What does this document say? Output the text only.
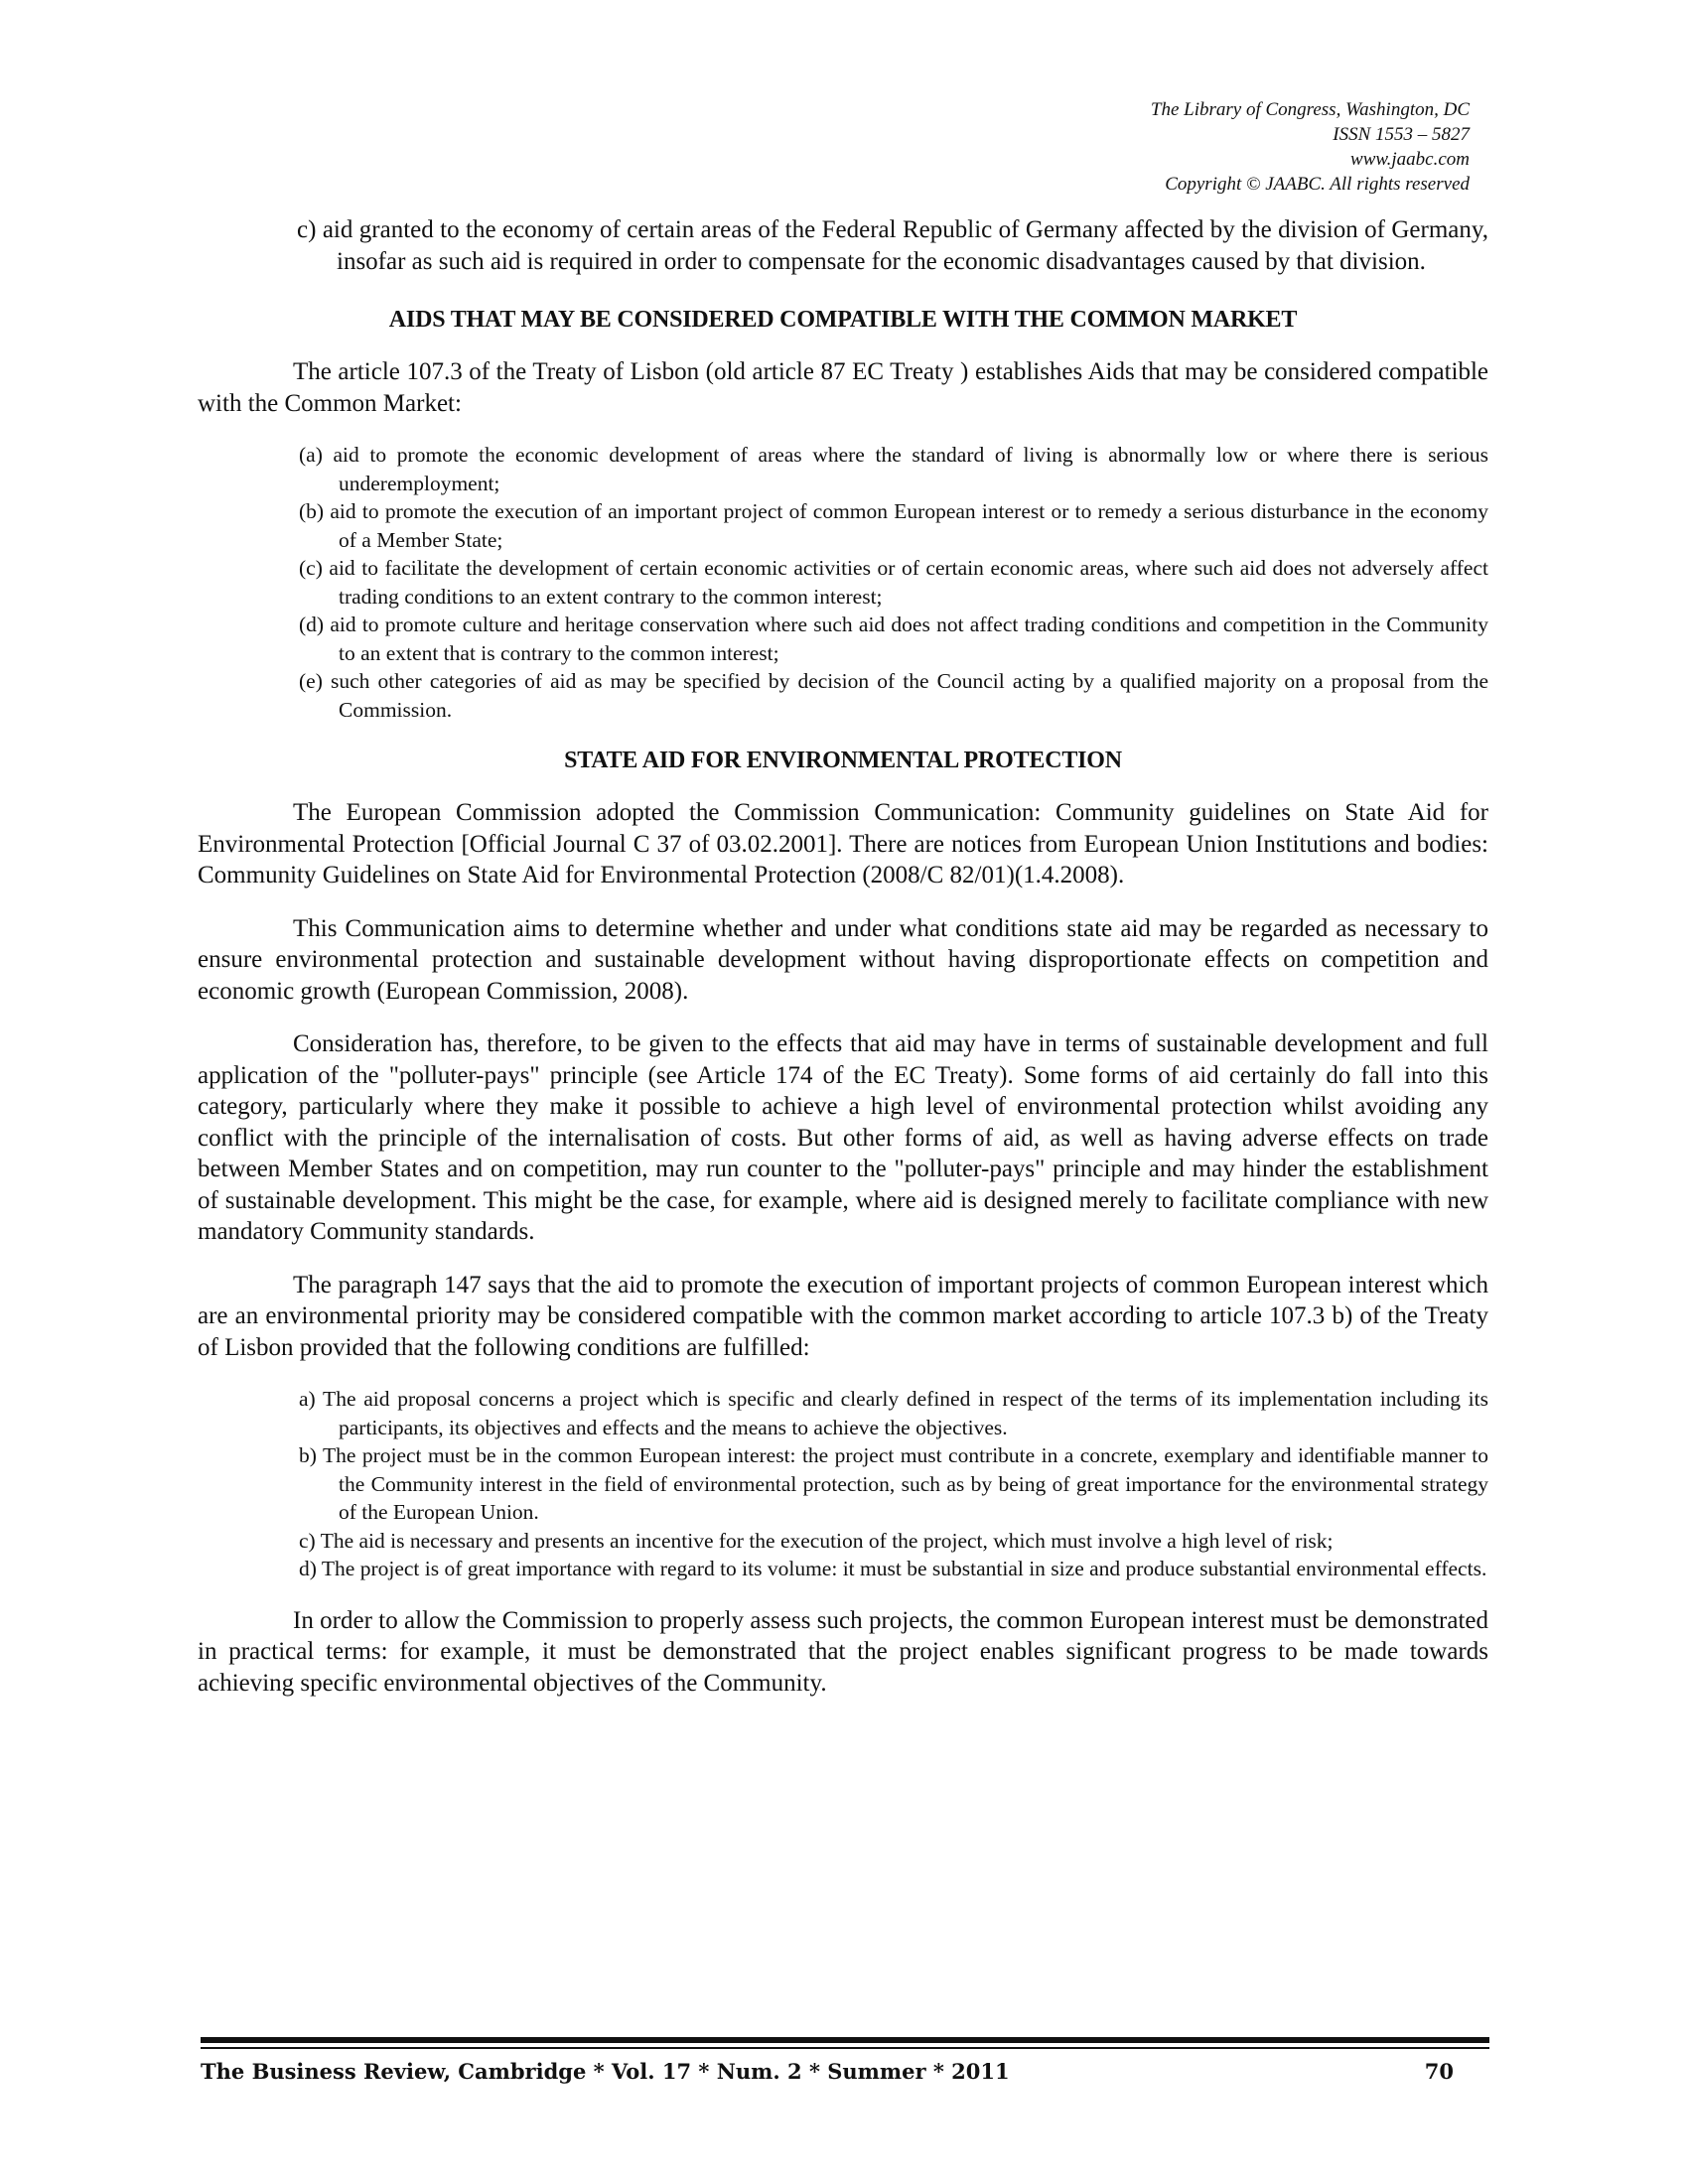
The Library of Congress, Washington, DC
ISSN 1553 – 5827
www.jaabc.com
Copyright © JAABC. All rights reserved

c) aid granted to the economy of certain areas of the Federal Republic of Germany affected by the division of Germany, insofar as such aid is required in order to compensate for the economic disadvantages caused by that division.

AIDS THAT MAY BE CONSIDERED COMPATIBLE WITH THE COMMON MARKET

The article 107.3 of the Treaty of Lisbon (old article 87 EC Treaty ) establishes Aids that may be considered compatible with the Common Market:

(a) aid to promote the economic development of areas where the standard of living is abnormally low or where there is serious underemployment;

(b) aid to promote the execution of an important project of common European interest or to remedy a serious disturbance in the economy of a Member State;

(c) aid to facilitate the development of certain economic activities or of certain economic areas, where such aid does not adversely affect trading conditions to an extent contrary to the common interest;

(d) aid to promote culture and heritage conservation where such aid does not affect trading conditions and competition in the Community to an extent that is contrary to the common interest;

(e) such other categories of aid as may be specified by decision of the Council acting by a qualified majority on a proposal from the Commission.

STATE AID FOR ENVIRONMENTAL PROTECTION

The European Commission adopted the Commission Communication: Community guidelines on State Aid for Environmental Protection [Official Journal C 37 of 03.02.2001]. There are notices from European Union Institutions and bodies: Community Guidelines on State Aid for Environmental Protection (2008/C 82/01)(1.4.2008).

This Communication aims to determine whether and under what conditions state aid may be regarded as necessary to ensure environmental protection and sustainable development without having disproportionate effects on competition and economic growth (European Commission, 2008).

Consideration has, therefore, to be given to the effects that aid may have in terms of sustainable development and full application of the "polluter-pays" principle (see Article 174 of the EC Treaty). Some forms of aid certainly do fall into this category, particularly where they make it possible to achieve a high level of environmental protection whilst avoiding any conflict with the principle of the internalisation of costs. But other forms of aid, as well as having adverse effects on trade between Member States and on competition, may run counter to the "polluter-pays" principle and may hinder the establishment of sustainable development. This might be the case, for example, where aid is designed merely to facilitate compliance with new mandatory Community standards.

The paragraph 147 says that the aid to promote the execution of important projects of common European interest which are an environmental priority may be considered compatible with the common market according to article 107.3 b) of the Treaty of Lisbon provided that the following conditions are fulfilled:

a) The aid proposal concerns a project which is specific and clearly defined in respect of the terms of its implementation including its participants, its objectives and effects and the means to achieve the objectives.

b) The project must be in the common European interest: the project must contribute in a concrete, exemplary and identifiable manner to the Community interest in the field of environmental protection, such as by being of great importance for the environmental strategy of the European Union.

c) The aid is necessary and presents an incentive for the execution of the project, which must involve a high level of risk;

d) The project is of great importance with regard to its volume: it must be substantial in size and produce substantial environmental effects.

In order to allow the Commission to properly assess such projects, the common European interest must be demonstrated in practical terms: for example, it must be demonstrated that the project enables significant progress to be made towards achieving specific environmental objectives of the Community.

The Business Review, Cambridge * Vol. 17 * Num. 2 * Summer * 2011	70
